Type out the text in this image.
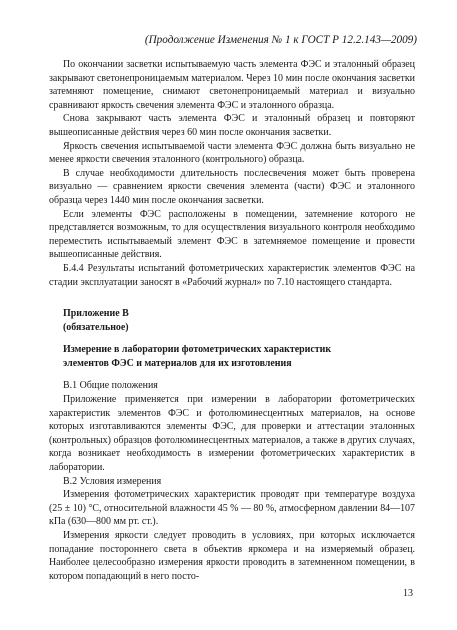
(Продолжение Изменения № 1 к ГОСТ Р 12.2.143—2009)

По окончании засветки испытываемую часть элемента ФЭС и эталонный образец закрывают светонепроницаемым материалом. Через 10 мин после окончания засветки затемняют помещение, снимают светонепроницаемый материал и визуально сравнивают яркость свечения элемента ФЭС и эталонного образца.

Снова закрывают часть элемента ФЭС и эталонный образец и повторяют вышеописанные действия через 60 мин после окончания засветки.

Яркость свечения испытываемой части элемента ФЭС должна быть визуально не менее яркости свечения эталонного (контрольного) образца.

В случае необходимости длительность послесвечения может быть проверена визуально — сравнением яркости свечения элемента (части) ФЭС и эталонного образца через 1440 мин после окончания засветки.

Если элементы ФЭС расположены в помещении, затемнение которого не представляется возможным, то для осуществления визуального контроля необходимо переместить испытываемый элемент ФЭС в затемняемое помещение и провести вышеописанные действия.

Б.4.4 Результаты испытаний фотометрических характеристик элементов ФЭС на стадии эксплуатации заносят в «Рабочий журнал» по 7.10 настоящего стандарта.

Приложение В

(обязательное)

Измерение в лаборатории фотометрических характеристик

элементов ФЭС и материалов для их изготовления

В.1 Общие положения

Приложение применяется при измерении в лаборатории фотометрических характеристик элементов ФЭС и фотолюминесцентных материалов, на основе которых изготавливаются элементы ФЭС, для проверки и аттестации эталонных (контрольных) образцов фотолюминесцентных материалов, а также в других случаях, когда возникает необходимость в измерении фотометрических характеристик в лаборатории.

В.2 Условия измерения

Измерения фотометрических характеристик проводят при температуре воздуха (25 ± 10) °С, относительной влажности 45 % — 80 %, атмосферном давлении 84—107 кПа (630—800 мм рт. ст.).

Измерения яркости следует проводить в условиях, при которых исключается попадание постороннего света в объектив яркомера и на измеряемый образец. Наиболее целесообразно измерения яркости проводить в затемненном помещении, в котором попадающий в него посто-

13
